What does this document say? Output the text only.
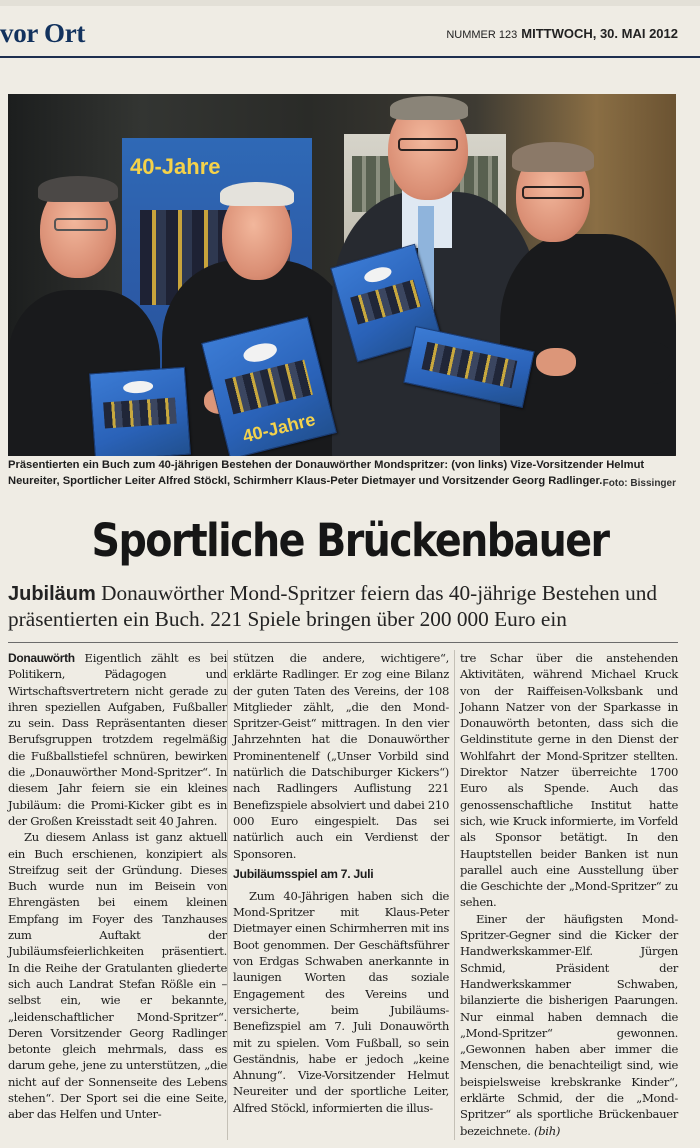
vor Ort	NUMMER 123 MITTWOCH, 30. MAI 2012
40-Jahre
40-Jahre

Präsentierten ein Buch zum 40-jährigen Bestehen der Donauwörther Mondspritzer: (von links) Vize-Vorsitzender Helmut Neureiter, Sportlicher Leiter Alfred Stöckl, Schirmherr Klaus-Peter Dietmayer und Vorsitzender Georg Radlinger. Foto: Bissinger
Sportliche Brückenbauer

Jubiläum Donauwörther Mond-Spritzer feiern das 40-jährige Bestehen und präsentierten ein Buch. 221 Spiele bringen über 200 000 Euro ein

Donauwörth Eigentlich zählt es bei Politikern, Pädagogen und Wirtschaftsvertretern nicht gerade zu ihren speziellen Aufgaben, Fußballer zu sein. Dass Repräsentanten dieser Berufsgruppen trotzdem regelmäßig die Fußballstiefel schnüren, bewirken die „Donauwörther Mond-Spritzer“. In diesem Jahr feiern sie ein kleines Jubiläum: die Promi-Kicker gibt es in der Großen Kreisstadt seit 40 Jahren.

Zu diesem Anlass ist ganz aktuell ein Buch erschienen, konzipiert als Streifzug seit der Gründung. Dieses Buch wurde nun im Beisein von Ehrengästen bei einem kleinen Empfang im Foyer des Tanzhauses zum Auftakt der Jubiläumsfeierlichkeiten präsentiert. In die Reihe der Gratulanten gliederte sich auch Landrat Stefan Rößle ein – selbst ein, wie er bekannte, „leidenschaftlicher Mond-Spritzer“. Deren Vorsitzender Georg Radlinger betonte gleich mehrmals, dass es darum gehe, jene zu unterstützen, „die nicht auf der Sonnenseite des Lebens stehen“. Der Sport sei die eine Seite, aber das Helfen und Unter-

stützen die andere, wichtigere“, erklärte Radlinger. Er zog eine Bilanz der guten Taten des Vereins, der 108 Mitglieder zählt, „die den Mond-Spritzer-Geist“ mittragen. In den vier Jahrzehnten hat die Donauwörther Prominentenelf („Unser Vorbild sind natürlich die Datschiburger Kickers“) nach Radlingers Auflistung 221 Benefizspiele absolviert und dabei 210 000 Euro eingespielt. Das sei natürlich auch ein Verdienst der Sponsoren.

Jubiläumsspiel am 7. Juli

Zum 40-Jährigen haben sich die Mond-Spritzer mit Klaus-Peter Dietmayer einen Schirmherren mit ins Boot genommen. Der Geschäftsführer von Erdgas Schwaben anerkannte in launigen Worten das soziale Engagement des Vereins und versicherte, beim Jubiläums-Benefizspiel am 7. Juli Donauwörth mit zu spielen. Vom Fußball, so sein Geständnis, habe er jedoch „keine Ahnung“. Vize-Vorsitzender Helmut Neureiter und der sportliche Leiter, Alfred Stöckl, informierten die illus-

tre Schar über die anstehenden Aktivitäten, während Michael Kruck von der Raiffeisen-Volksbank und Johann Natzer von der Sparkasse in Donauwörth betonten, dass sich die Geldinstitute gerne in den Dienst der Wohlfahrt der Mond-Spritzer stellten. Direktor Natzer überreichte 1700 Euro als Spende. Auch das genossenschaftliche Institut hatte sich, wie Kruck informierte, im Vorfeld als Sponsor betätigt. In den Hauptstellen beider Banken ist nun parallel auch eine Ausstellung über die Geschichte der „Mond-Spritzer“ zu sehen.

Einer der häufigsten Mond-Spritzer-Gegner sind die Kicker der Handwerkskammer-Elf. Jürgen Schmid, Präsident der Handwerkskammer Schwaben, bilanzierte die bisherigen Paarungen. Nur einmal haben demnach die „Mond-Spritzer“ gewonnen. „Gewonnen haben aber immer die Menschen, die benachteiligt sind, wie beispielsweise krebskranke Kinder“, erklärte Schmid, der die „Mond-Spritzer“ als sportliche Brückenbauer bezeichnete. (bih)
